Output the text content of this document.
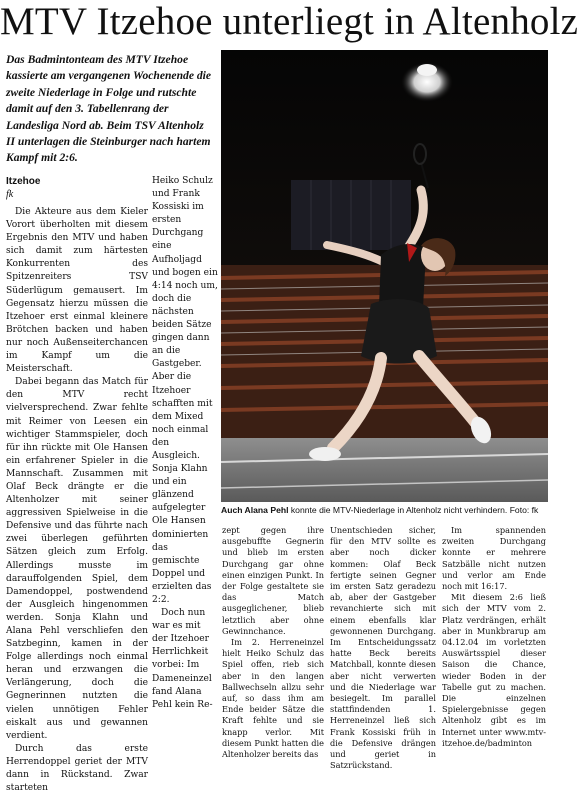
MTV Itzehoe unterliegt in Altenholz

Das Badmintonteam des MTV Itzehoe kassierte am vergangenen Wochenende die zweite Niederlage in Folge und rutschte damit auf den 3. Tabellenrang der Landesliga Nord ab. Beim TSV Altenholz II unterlagen die Steinburger nach hartem Kampf mit 2:6.

Auch Alana Pehl konnte die MTV-Niederlage in Altenholz nicht verhindern. Foto: fk

Itzehoe

fk

Die Akteure aus dem Kieler Vorort überholten mit diesem Ergebnis den MTV und haben sich damit zum härtesten Konkurrenten des Spitzenreiters TSV Süderlügum gemausert. Im Gegensatz hierzu müssen die Itzehoer erst einmal kleinere Brötchen backen und haben nur noch Außenseiterchancen im Kampf um die Meisterschaft.

Dabei begann das Match für den MTV recht vielversprechend. Zwar fehlte mit Reimer von Leesen ein wichtiger Stammspieler, doch für ihn rückte mit Ole Hansen ein erfahrener Spieler in die Mannschaft. Zusammen mit Olaf Beck drängte er die Altenholzer mit seiner aggressiven Spielweise in die Defensive und das führte nach zwei überlegen geführten Sätzen gleich zum Erfolg. Allerdings musste im darauffolgenden Spiel, dem Damendoppel, postwendend der Ausgleich hingenommen werden. Sonja Klahn und Alana Pehl verschliefen den Satzbeginn, kamen in der Folge allerdings noch einmal heran und erzwangen die Verlängerung, doch die Gegnerinnen nutzten die vielen unnötigen Fehler eiskalt aus und gewannen verdient.

Durch das erste Herrendoppel geriet der MTV dann in Rückstand. Zwar starteten

Heiko Schulz und Frank Kossiski im ersten Durchgang eine Aufholjagd und bogen ein 4:14 noch um, doch die nächsten beiden Sätze gingen dann an die Gastgeber. Aber die Itzehoer schafften mit dem Mixed noch einmal den Ausgleich. Sonja Klahn und ein glänzend aufgelegter Ole Hansen dominierten das gemischte Doppel und erzielten das 2:2.

Doch nun war es mit der Itzehoer Herrlichkeit vorbei: Im Dameneinzel fand Alana Pehl kein Re-

zept gegen ihre ausgebuffte Gegnerin und blieb im ersten Durchgang gar ohne einen einzigen Punkt. In der Folge gestaltete sie das Match ausgeglichener, blieb letztlich aber ohne Gewinnchance.

Im 2. Herreneinzel hielt Heiko Schulz das Spiel offen, rieb sich aber in den langen Ballwechseln allzu sehr auf, so dass ihm am Ende beider Sätze die Kraft fehlte und sie knapp verlor. Mit diesem Punkt hatten die Altenholzer bereits das

Im spannenden zweiten Durchgang konnte er mehrere Satzbälle nicht nutzen und verlor am Ende noch mit 16:17.

Mit diesem 2:6 ließ sich der MTV vom 2. Platz verdrängen, erhält aber in Munkbrarup am 04.12.04 im vorletzten Auswärtsspiel dieser Saison die Chance, wieder Boden in der Tabelle gut zu machen. Die einzelnen Spielergebnisse gegen Altenholz gibt es im Internet unter www.mtv-itzehoe.de/badminton

Unentschieden sicher, für den MTV sollte es aber noch dicker kommen: Olaf Beck fertigte seinen Gegner im ersten Satz geradezu ab, aber der Gastgeber revanchierte sich mit einem ebenfalls klar gewonnenen Durchgang. Im Entscheidungssatz hatte Beck bereits Matchball, konnte diesen aber nicht verwerten und die Niederlage war besiegelt. Im parallel stattfindenden 1. Herreneinzel ließ sich Frank Kossiski früh in die Defensive drängen und geriet in Satzrückstand.
